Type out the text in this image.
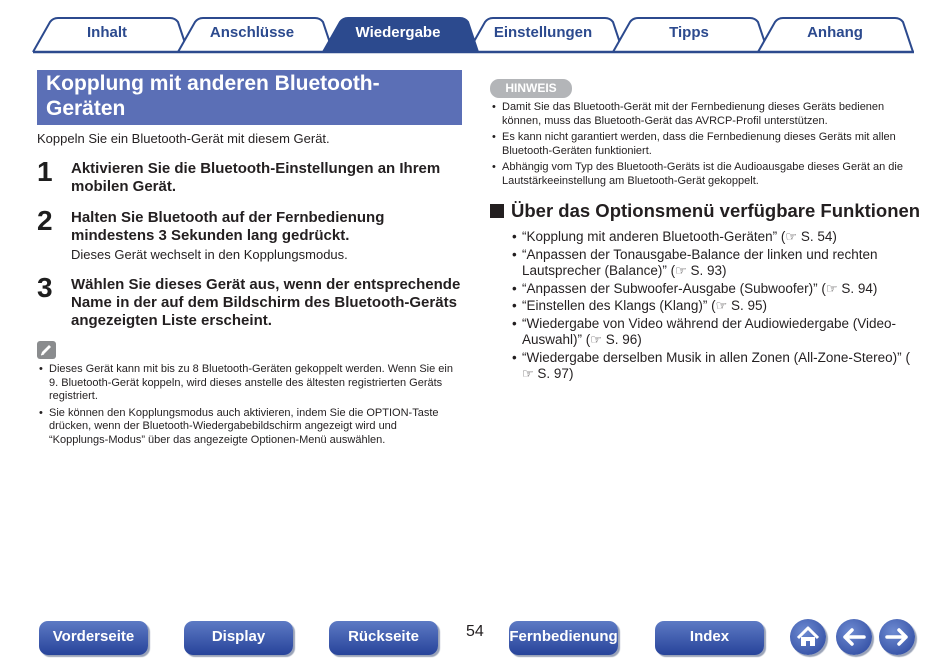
Inhalt	Anschlüsse	Wiedergabe	Einstellungen	Tipps	Anhang
Kopplung mit anderen Bluetooth-Geräten
Koppeln Sie ein Bluetooth-Gerät mit diesem Gerät.
1 Aktivieren Sie die Bluetooth-Einstellungen an Ihrem mobilen Gerät.
2 Halten Sie Bluetooth auf der Fernbedienung mindestens 3 Sekunden lang gedrückt.
Dieses Gerät wechselt in den Kopplungsmodus.
3 Wählen Sie dieses Gerät aus, wenn der entsprechende Name in der auf dem Bildschirm des Bluetooth-Geräts angezeigten Liste erscheint.
• Dieses Gerät kann mit bis zu 8 Bluetooth-Geräten gekoppelt werden. Wenn Sie ein 9. Bluetooth-Gerät koppeln, wird dieses anstelle des ältesten registrierten Geräts registriert.
• Sie können den Kopplungsmodus auch aktivieren, indem Sie die OPTION-Taste drücken, wenn der Bluetooth-Wiedergabebildschirm angezeigt wird und “Kopplungs-Modus” über das angezeigte Optionen-Menü auswählen.
HINWEIS
• Damit Sie das Bluetooth-Gerät mit der Fernbedienung dieses Geräts bedienen können, muss das Bluetooth-Gerät das AVRCP-Profil unterstützen.
• Es kann nicht garantiert werden, dass die Fernbedienung dieses Geräts mit allen Bluetooth-Geräten funktioniert.
• Abhängig vom Typ des Bluetooth-Geräts ist die Audioausgabe dieses Gerät an die Lautstärkeeinstellung am Bluetooth-Gerät gekoppelt.
Über das Optionsmenü verfügbare Funktionen
• “Kopplung mit anderen Bluetooth-Geräten” (☞ S. 54)
• “Anpassen der Tonausgabe-Balance der linken und rechten Lautsprecher (Balance)” (☞ S. 93)
• “Anpassen der Subwoofer-Ausgabe (Subwoofer)” (☞ S. 94)
• “Einstellen des Klangs (Klang)” (☞ S. 95)
• “Wiedergabe von Video während der Audiowiedergabe (Video-Auswahl)” (☞ S. 96)
• “Wiedergabe derselben Musik in allen Zonen (All-Zone-Stereo)” (☞ S. 97)
Vorderseite	Display	Rückseite	54 Fernbedienung	Index
